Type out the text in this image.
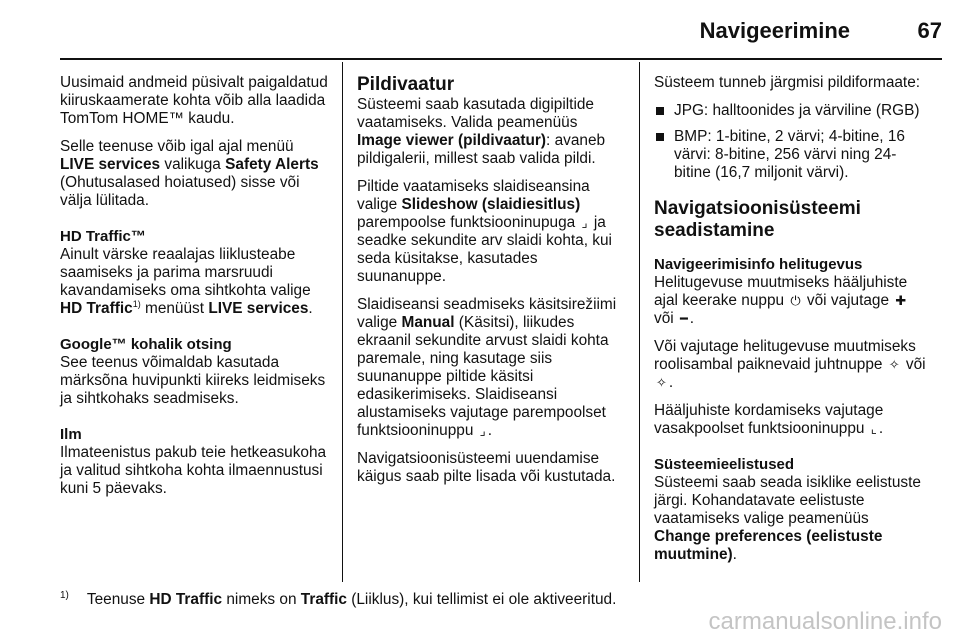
Navigeerimine	67

Uusimaid andmeid püsivalt paigaldatud kiiruskaamerate kohta võib alla laadida TomTom HOME™ kaudu.

Selle teenuse võib igal ajal menüü LIVE services valikuga Safety Alerts (Ohutusalased hoiatused) sisse või välja lülitada.

HD Traffic™

Ainult värske reaalajas liiklusteabe saamiseks ja parima marsruudi kavandamiseks oma sihtkohta valige HD Traffic$^{1)}$ menüüst LIVE services.

Google™ kohalik otsing

See teenus võimaldab kasutada märksõna huvipunkti kiireks leidmiseks ja sihtkohaks seadmiseks.

Ilm

Ilmateenistus pakub teie hetkeasukoha ja valitud sihtkoha kohta ilmaennustusi kuni 5 päevaks.

Pildivaatur

Süsteemi saab kasutada digipiltide vaatamiseks. Valida peamenüüs Image viewer (pildivaatur): avaneb pildigalerii, millest saab valida pildi.

Piltide vaatamiseks slaidiseansina valige Slideshow (slaidiesitlus) parempoolse funktsiooninupuga ⌟ ja seadke sekundite arv slaidi kohta, kui seda küsitakse, kasutades suunanuppe.

Slaidiseansi seadmiseks käsitsirežiimi valige Manual (Käsitsi), liikudes ekraanil sekundite arvust slaidi kohta paremale, ning kasutage siis suunanuppe piltide käsitsi edasikerimiseks. Slaidiseansi alustamiseks vajutage parempoolset funktsiooninuppu ⌟ .

Navigatsioonisüsteemi uuendamise käigus saab pilte lisada või kustutada.

Süsteem tunneb järgmisi pildiformaate:

JPG: halltoonides ja värviline (RGB)
BMP: 1-bitine, 2 värvi; 4-bitine, 16 värvi: 8-bitine, 256 värvi ning 24-bitine (16,7 miljonit värvi).
Navigatsioonisüsteemi seadistamine
Navigeerimisinfo helitugevus

Helitugevuse muutmiseks hääljuhiste ajal keerake nuppu ⏻ või vajutage ✚ või ━ .

Või vajutage helitugevuse muutmiseks roolisambal paiknevaid juhtnuppe ✧ või ✧ .

Hääljuhiste kordamiseks vajutage vasakpoolset funktsiooninuppu ⌞ .

Süsteemieelistused

Süsteemi saab seada isiklike eelistuste järgi. Kohandatavate eelistuste vaatamiseks valige peamenüüs Change preferences (eelistuste muutmine).

$^{1)}$ Teenuse HD Traffic nimeks on Traffic (Liiklus), kui tellimist ei ole aktiveeritud.
carmanualsonline.info
